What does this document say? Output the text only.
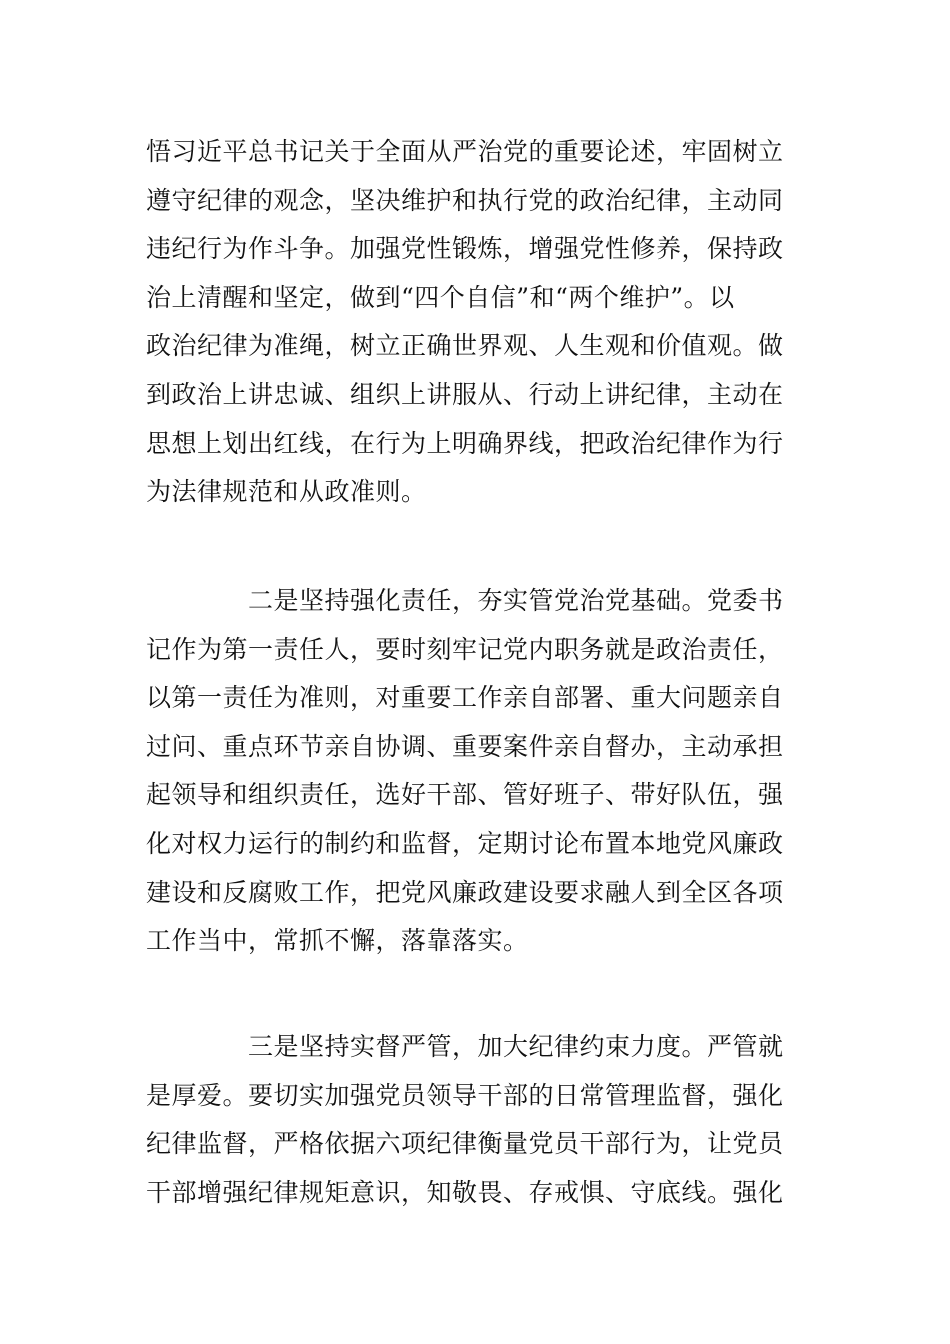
悟习近平总书记关于全面从严治党的重要论述，牢固树立
遵守纪律的观念，坚决维护和执行党的政治纪律，主动同
违纪行为作斗争。加强党性锻炼，增强党性修养，保持政
治上清醒和坚定，做到“四个自信”和“两个维护”。以
政治纪律为准绳，树立正确世界观、人生观和价值观。做
到政治上讲忠诚、组织上讲服从、行动上讲纪律，主动在
思想上划出红线，在行为上明确界线，把政治纪律作为行
为法律规范和从政准则。
二是坚持强化责任，夯实管党治党基础。党委书
记作为第一责任人，要时刻牢记党内职务就是政治责任，
以第一责任为准则，对重要工作亲自部署、重大问题亲自
过问、重点环节亲自协调、重要案件亲自督办，主动承担
起领导和组织责任，选好干部、管好班子、带好队伍，强
化对权力运行的制约和监督，定期讨论布置本地党风廉政
建设和反腐败工作，把党风廉政建设要求融人到全区各项
工作当中，常抓不懈，落靠落实。
三是坚持实督严管，加大纪律约束力度。严管就
是厚爱。要切实加强党员领导干部的日常管理监督，强化
纪律监督，严格依据六项纪律衡量党员干部行为，让党员
干部增强纪律规矩意识，知敬畏、存戒惧、守底线。强化
